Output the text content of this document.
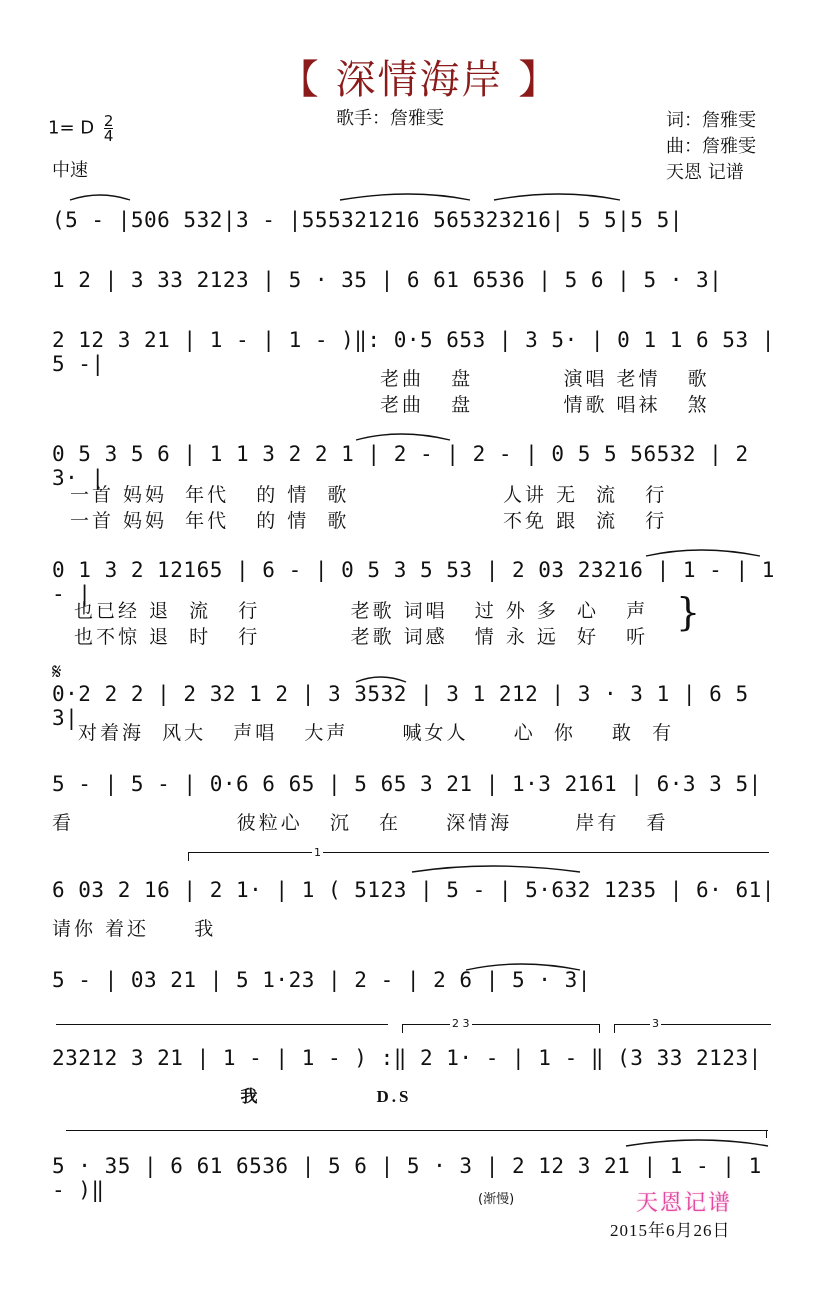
【 深情海岸 】
1= D $\frac{2}{4}$
中速
歌手：詹雅雯	词：詹雅雯
曲：詹雅雯
天恩 记谱
(5 - |506 532|3 - |555321216 565323216| 5 5|5 5|
1 2 | 3 33 2123 | 5 · 35 | 6 61 6536 | 5 6 | 5 · 3|
2 12 3 21 | 1 - | 1 - )‖: 0·5 653 | 3 5· | 0 1 1 6 53 | 5 -|
老曲   盘          演唱 老情   歌
老曲   盘          情歌 唱袜   煞
0 5 3 5 6 | 1 1 3 2 2 1 | 2 - | 2 - | 0 5 5 56532 | 2 3· |
一首 妈妈  年代   的 情  歌                 人讲 无  流   行
一首 妈妈  年代   的 情  歌                 不免 跟  流   行
0 1 3 2 12165 | 6 - | 0 5 3 5 53 | 2 03 23216 | 1 - | 1 - |
也已经 退  流   行          老歌 词唱   过 外 多  心   声
也不惊 退  时   行          老歌 词感   情 永 远  好   听
}
𝄋
0·2 2 2 | 2 32 1 2 | 3 3532 | 3 1 212 | 3 · 3 1 | 6 5 3|
对着海  风大   声唱   大声      喊女人     心  你    敢  有
5 - | 5 - | 0·6 6 65 | 5 65 3 21 | 1·3 2161 | 6·3 3 5|
看                  彼粒心   沉   在     深情海       岸有   看
1
6 03 2 16 | 2 1· | 1 ( 5123 | 5 - | 5·632 1235 | 6· 61|
请你 着还     我
5 - | 03 21 | 5 1·23 | 2 - | 2 6 | 5 · 3|
2 3	3
23212 3 21 | 1 - | 1 - ) :‖ 2 1· - | 1 - ‖ (3 33 2123|
我                D.S
5 · 35 | 6 61 6536 | 5 6 | 5 · 3 | 2 12 3 21 | 1 - | 1 - )‖	(渐慢)	天恩记谱
2015年6月26日
